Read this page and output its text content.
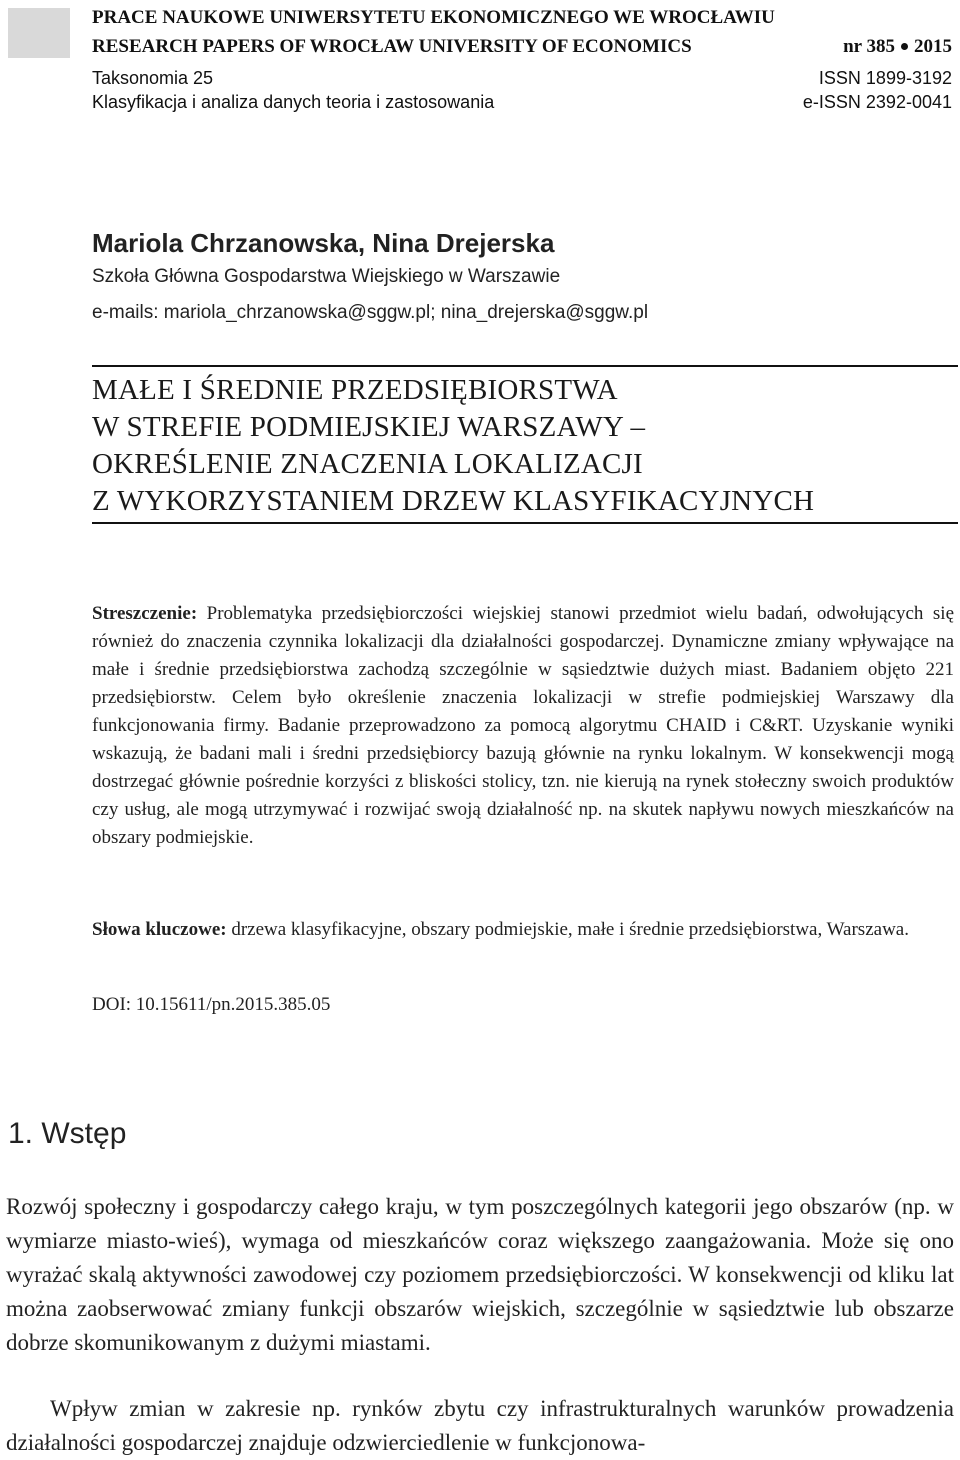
PRACE NAUKOWE UNIWERSYTETU EKONOMICZNEGO WE WROCŁAWIU
RESEARCH PAPERS OF WROCŁAW UNIVERSITY OF ECONOMICS	nr 385 2015
Taksonomia 25	ISSN 1899-3192
Klasyfikacja i analiza danych teoria i zastosowania	e-ISSN 2392-0041
Mariola Chrzanowska, Nina Drejerska
Szkoła Główna Gospodarstwa Wiejskiego w Warszawie
e-mails: mariola_chrzanowska@sggw.pl; nina_drejerska@sggw.pl
MAŁE I ŚREDNIE PRZEDSIĘBIORSTWA
W STREFIE PODMIEJSKIEJ WARSZAWY –
OKREŚLENIE ZNACZENIA LOKALIZACJI
Z WYKORZYSTANIEM DRZEW KLASYFIKACYJNYCH
Streszczenie: Problematyka przedsiębiorczości wiejskiej stanowi przedmiot wielu badań, odwołujących się również do znaczenia czynnika lokalizacji dla działalności gospodarczej. Dynamiczne zmiany wpływające na małe i średnie przedsiębiorstwa zachodzą szczególnie w sąsiedztwie dużych miast. Badaniem objęto 221 przedsiębiorstw. Celem było określenie znaczenia lokalizacji w strefie podmiejskiej Warszawy dla funkcjonowania firmy. Badanie przeprowadzono za pomocą algorytmu CHAID i C&RT. Uzyskanie wyniki wskazują, że badani mali i średni przedsiębiorcy bazują głównie na rynku lokalnym. W konsekwencji mogą dostrzegać głównie pośrednie korzyści z bliskości stolicy, tzn. nie kierują na rynek stołeczny swoich produktów czy usług, ale mogą utrzymywać i rozwijać swoją działalność np. na skutek napływu nowych mieszkańców na obszary podmiejskie.
Słowa kluczowe: drzewa klasyfikacyjne, obszary podmiejskie, małe i średnie przedsiębiorstwa, Warszawa.
DOI: 10.15611/pn.2015.385.05
1. Wstęp
Rozwój społeczny i gospodarczy całego kraju, w tym poszczególnych kategorii jego obszarów (np. w wymiarze miasto-wieś), wymaga od mieszkańców coraz większego zaangażowania. Może się ono wyrażać skalą aktywności zawodowej czy poziomem przedsiębiorczości. W konsekwencji od kliku lat można zaobserwować zmiany funkcji obszarów wiejskich, szczególnie w sąsiedztwie lub obszarze dobrze skomunikowanym z dużymi miastami.
Wpływ zmian w zakresie np. rynków zbytu czy infrastrukturalnych warunków prowadzenia działalności gospodarczej znajduje odzwierciedlenie w funkcjonowa-
